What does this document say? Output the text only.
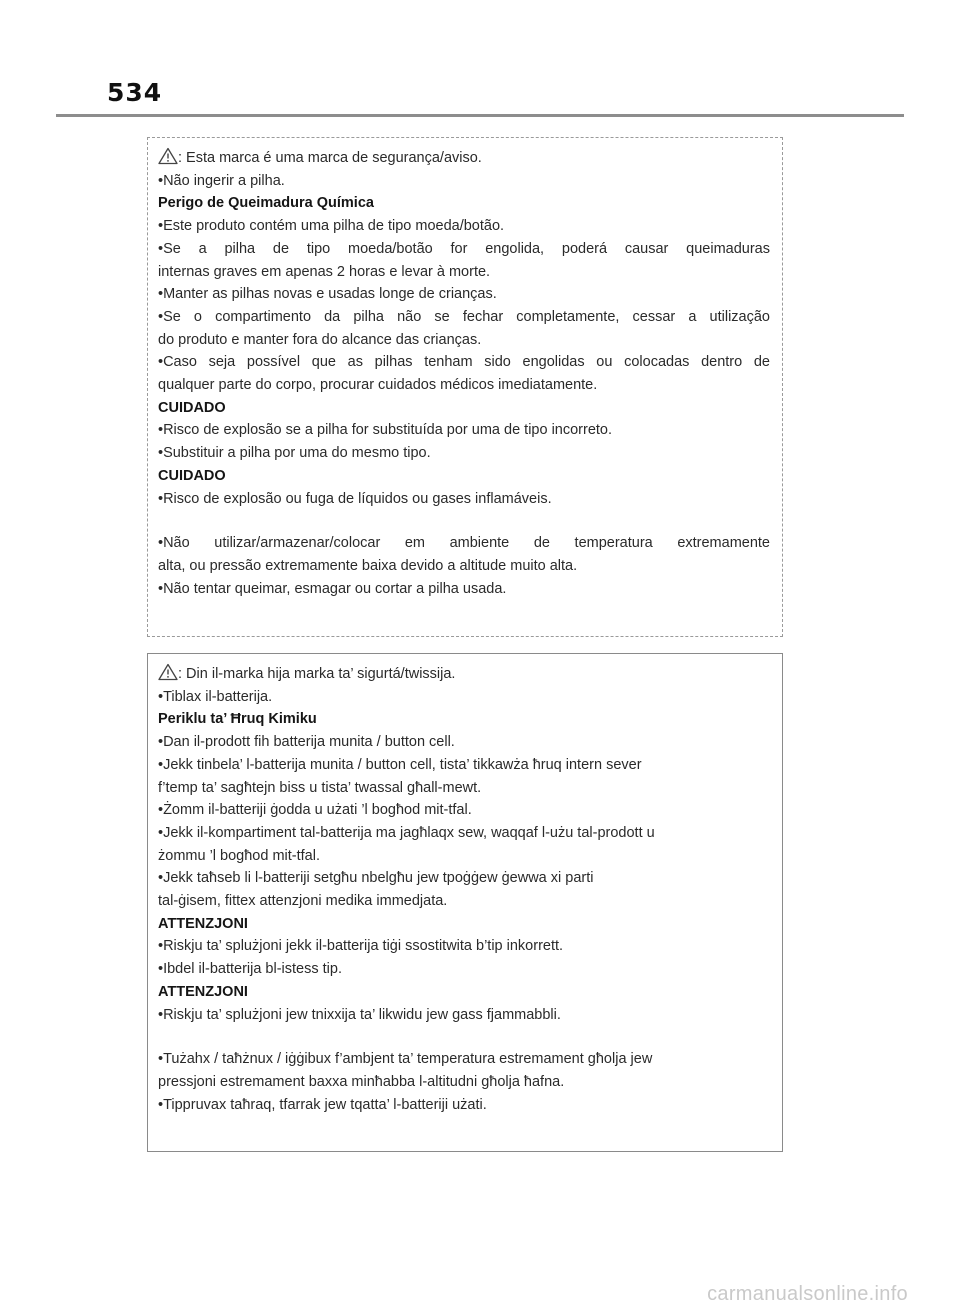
534
: Esta marca é uma marca de segurança/aviso.
•Não ingerir a pilha.
Perigo de Queimadura Química
•Este produto contém uma pilha de tipo moeda/botão.
•Se a pilha de tipo moeda/botão for engolida, poderá causar queimaduras
internas graves em apenas 2 horas e levar à morte.
•Manter as pilhas novas e usadas longe de crianças.
•Se o compartimento da pilha não se fechar completamente, cessar a utilização
do produto e manter fora do alcance das crianças.
•Caso seja possível que as pilhas tenham sido engolidas ou colocadas dentro de
qualquer parte do corpo, procurar cuidados médicos imediatamente.
CUIDADO
•Risco de explosão se a pilha for substituída por uma de tipo incorreto.
•Substituir a pilha por uma do mesmo tipo.
CUIDADO
•Risco de explosão ou fuga de líquidos ou gases inflamáveis.
•Não utilizar/armazenar/colocar em ambiente de temperatura extremamente
alta, ou pressão extremamente baixa devido a altitude muito alta.
•Não tentar queimar, esmagar ou cortar a pilha usada.
: Din il-marka hija marka ta’ sigurtá/twissija.
•Tiblax il-batterija.
Periklu ta’ Ħruq Kimiku
•Dan il-prodott fih batterija munita / button cell.
•Jekk tinbela’ l-batterija munita / button cell, tista’ tikkawża ħruq intern sever
f’temp ta’ sagħtejn biss u tista’ twassal għall-mewt.
•Żomm il-batteriji ġodda u użati ’l bogħod mit-tfal.
•Jekk il-kompartiment tal-batterija ma jagħlaqx sew, waqqaf l-użu tal-prodott u
żommu ’l bogħod mit-tfal.
•Jekk taħseb li l-batteriji setgħu nbelgħu jew tpoġġew ġewwa xi parti
tal-ġisem, fittex attenzjoni medika immedjata.
ATTENZJONI
•Riskju ta’ splużjoni jekk il-batterija tiġi ssostitwita b’tip inkorrett.
•Ibdel il-batterija bl-istess tip.
ATTENZJONI
•Riskju ta’ splużjoni jew tnixxija ta’ likwidu jew gass fjammabbli.
•Tużahx / taħżnux / iġġibux f’ambjent ta’ temperatura estremament għolja jew
pressjoni estremament baxxa minħabba l-altitudni għolja ħafna.
•Tippruvax taħraq, tfarrak jew tqatta’ l-batteriji użati.
carmanualsonline.info
